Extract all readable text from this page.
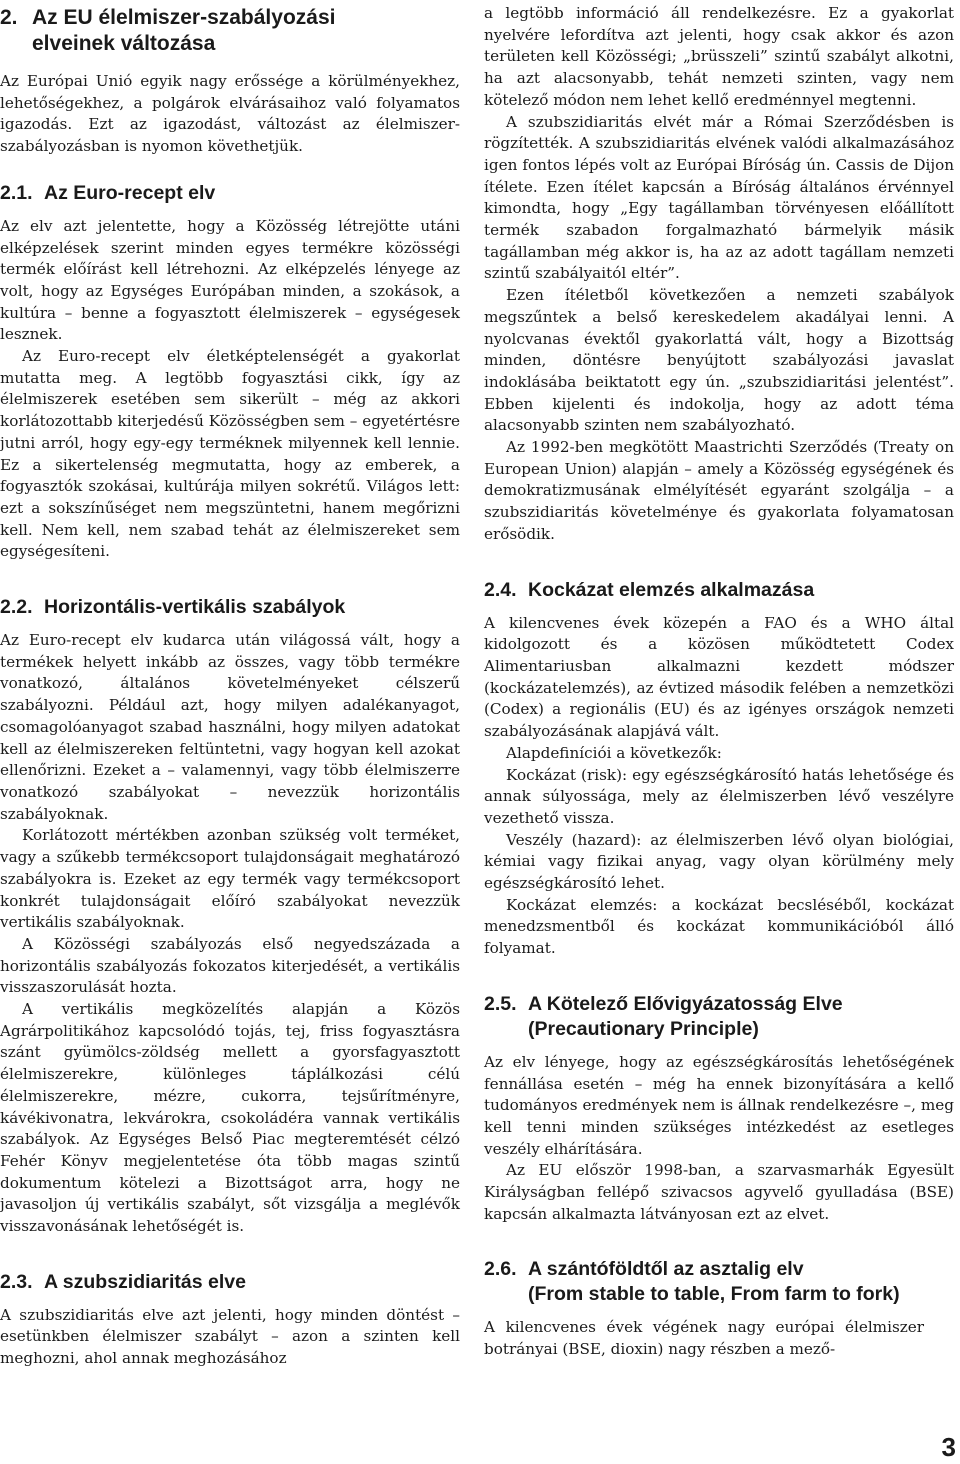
2. Az EU élelmiszer-szabályozási
elveinek változása

Az Európai Unió egyik nagy erőssége a körülményekhez, lehetőségekhez, a polgárok elvárásaihoz való folyamatos igazodás. Ezt az igazodást, változást az élelmiszer-szabályozásban is nyomon követhetjük.

2.1. Az Euro-recept elv

Az elv azt jelentette, hogy a Közösség létrejötte utáni elképzelések szerint minden egyes termékre közösségi termék előírást kell létrehozni. Az elképzelés lényege az volt, hogy az Egységes Európában minden, a szokások, a kultúra – benne a fogyasztott élelmiszerek – egységesek lesznek.

Az Euro-recept elv életképtelenségét a gyakorlat mutatta meg. A legtöbb fogyasztási cikk, így az élelmiszerek esetében sem sikerült – még az akkori korlátozottabb kiterjedésű Közösségben sem – egyetértésre jutni arról, hogy egy-egy terméknek milyennek kell lennie. Ez a sikertelenség megmutatta, hogy az emberek, a fogyasztók szokásai, kultúrája milyen sokrétű. Világos lett: ezt a sokszínűséget nem megszüntetni, hanem megőrizni kell. Nem kell, nem szabad tehát az élelmiszereket sem egységesíteni.

2.2. Horizontális-vertikális szabályok

Az Euro-recept elv kudarca után világossá vált, hogy a termékek helyett inkább az összes, vagy több termékre vonatkozó, általános követelményeket célszerű szabályozni. Például azt, hogy milyen adalékanyagot, csomagolóanyagot szabad használni, hogy milyen adatokat kell az élelmiszereken feltüntetni, vagy hogyan kell azokat ellenőrizni. Ezeket a – valamennyi, vagy több élelmiszerre vonatkozó szabályokat – nevezzük horizontális szabályoknak.

Korlátozott mértékben azonban szükség volt terméket, vagy a szűkebb termékcsoport tulajdonságait meghatározó szabályokra is. Ezeket az egy termék vagy termékcsoport konkrét tulajdonságait előíró szabályokat nevezzük vertikális szabályoknak.

A Közösségi szabályozás első negyedszázada a horizontális szabályozás fokozatos kiterjedését, a vertikális visszaszorulását hozta.

A vertikális megközelítés alapján a Közös Agrárpolitikához kapcsolódó tojás, tej, friss fogyasztásra szánt gyümölcs-zöldség mellett a gyorsfagyasztott élelmiszerekre, különleges táplálkozási célú élelmiszerekre, mézre, cukorra, tejsűrítményre, kávékivonatra, lekvárokra, csokoládéra vannak vertikális szabályok. Az Egységes Belső Piac megteremtését célzó Fehér Könyv megjelentetése óta több magas szintű dokumentum kötelezi a Bizottságot arra, hogy ne javasoljon új vertikális szabályt, sőt vizsgálja a meglévők visszavonásának lehetőségét is.

2.3. A szubszidiaritás elve

A szubszidiaritás elve azt jelenti, hogy minden döntést – esetünkben élelmiszer szabályt – azon a szinten kell meghozni, ahol annak meghozásához

a legtöbb információ áll rendelkezésre. Ez a gyakorlat nyelvére lefordítva azt jelenti, hogy csak akkor és azon területen kell Közösségi; „brüsszeli” szintű szabályt alkotni, ha azt alacsonyabb, tehát nemzeti szinten, vagy nem kötelező módon nem lehet kellő eredménnyel megtenni.

A szubszidiaritás elvét már a Római Szerződésben is rögzítették. A szubszidiaritás elvének valódi alkalmazásához igen fontos lépés volt az Európai Bíróság ún. Cassis de Dijon ítélete. Ezen ítélet kapcsán a Bíróság általános érvénnyel kimondta, hogy „Egy tagállamban törvényesen előállított termék szabadon forgalmazható bármelyik másik tagállamban még akkor is, ha az az adott tagállam nemzeti szintű szabályaitól eltér”.

Ezen ítéletből következően a nemzeti szabályok megszűntek a belső kereskedelem akadályai lenni. A nyolcvanas évektől gyakorlattá vált, hogy a Bizottság minden, döntésre benyújtott szabályozási javaslat indoklásába beiktatott egy ún. „szubszidiaritási jelentést”. Ebben kijelenti és indokolja, hogy az adott téma alacsonyabb szinten nem szabályozható.

Az 1992-ben megkötött Maastrichti Szerződés (Treaty on European Union) alapján – amely a Közösség egységének és demokratizmusának elmélyítését egyaránt szolgálja – a szubszidiaritás követelménye és gyakorlata folyamatosan erősödik.

2.4. Kockázat elemzés alkalmazása

A kilencvenes évek közepén a FAO és a WHO által kidolgozott és a közösen működtetett Codex Alimentariusban alkalmazni kezdett módszer (kockázatelemzés), az évtized második felében a nemzetközi (Codex) a regionális (EU) és az igényes országok nemzeti szabályozásának alapjává vált.

Alapdefiníciói a következők:

Kockázat (risk): egy egészségkárosító hatás lehetősége és annak súlyossága, mely az élelmiszerben lévő veszélyre vezethető vissza.

Veszély (hazard): az élelmiszerben lévő olyan biológiai, kémiai vagy fizikai anyag, vagy olyan körülmény mely egészségkárosító lehet.

Kockázat elemzés: a kockázat becsléséből, kockázat menedzsmentből és kockázat kommunikációból álló folyamat.

2.5. A Kötelező Elővigyázatosság Elve
(Precautionary Principle)

Az elv lényege, hogy az egészségkárosítás lehetőségének fennállása esetén – még ha ennek bizonyítására a kellő tudományos eredmények nem is állnak rendelkezésre –, meg kell tenni minden szükséges intézkedést az esetleges veszély elhárítására.

Az EU először 1998-ban, a szarvasmarhák Egyesült Királyságban fellépő szivacsos agyvelő gyulladása (BSE) kapcsán alkalmazta látványosan ezt az elvet.

2.6. A szántóföldtől az asztalig elv
(From stable to table, From farm to fork)

A kilencvenes évek végének nagy európai élelmiszer botrányai (BSE, dioxin) nagy részben a mező-

3
